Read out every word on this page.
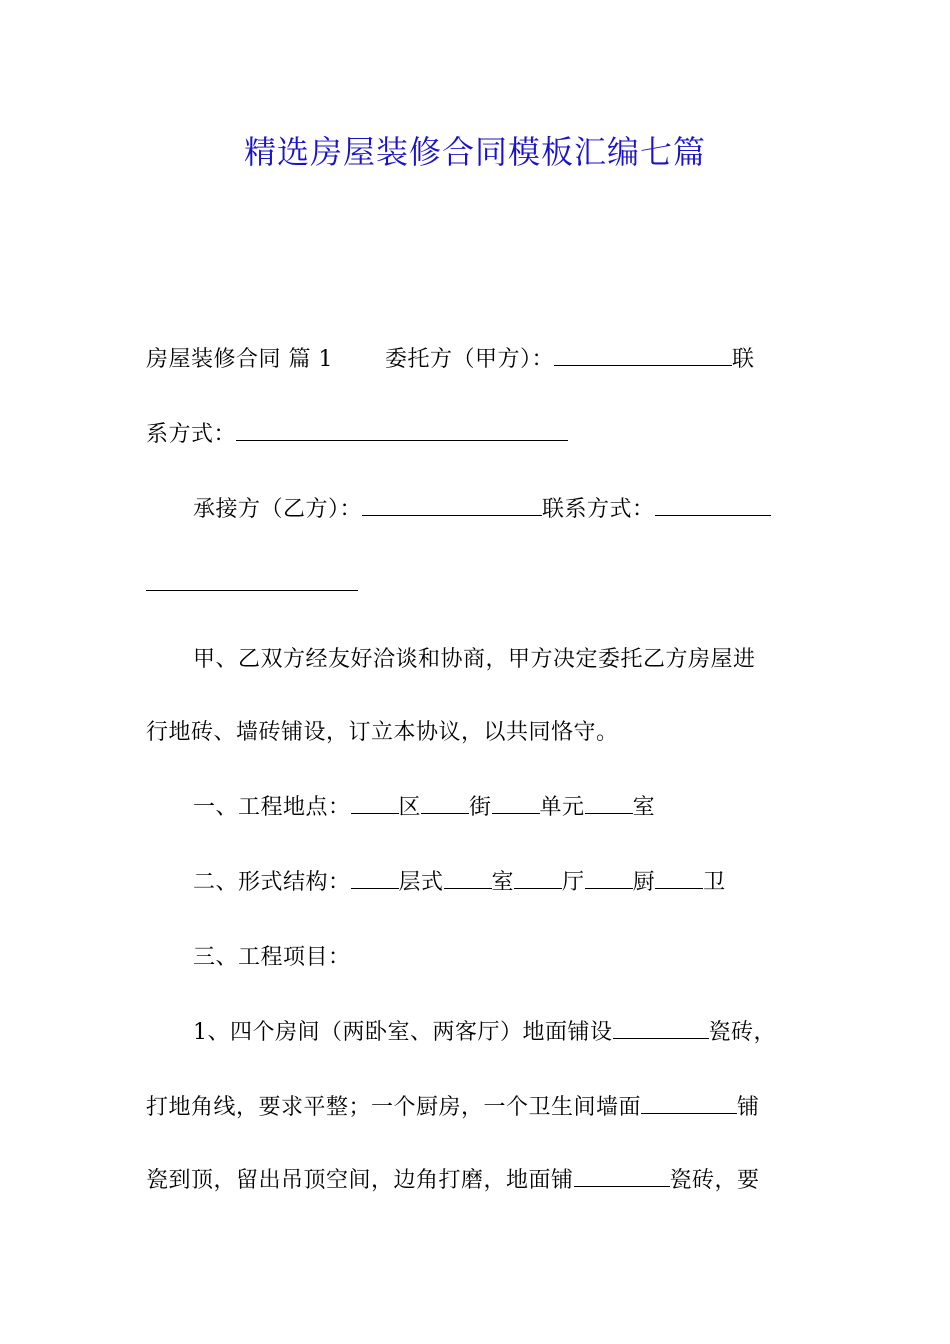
精选房屋装修合同模板汇编七篇
房屋装修合同 篇 1 委托方（甲方）：	联
系方式：
承接方（乙方）：	联系方式：
甲、乙双方经友好洽谈和协商，甲方决定委托乙方房屋进
行地砖、墙砖铺设，订立本协议，以共同恪守。
一、工程地点： 区 街 单元 室
二、形式结构： 层式 室 厅 厨 卫
三、工程项目：
1、四个房间（两卧室、两客厅）地面铺设	瓷砖，
打地角线，要求平整；一个厨房，一个卫生间墙面	铺
瓷到顶，留出吊顶空间，边角打磨，地面铺	瓷砖，要
